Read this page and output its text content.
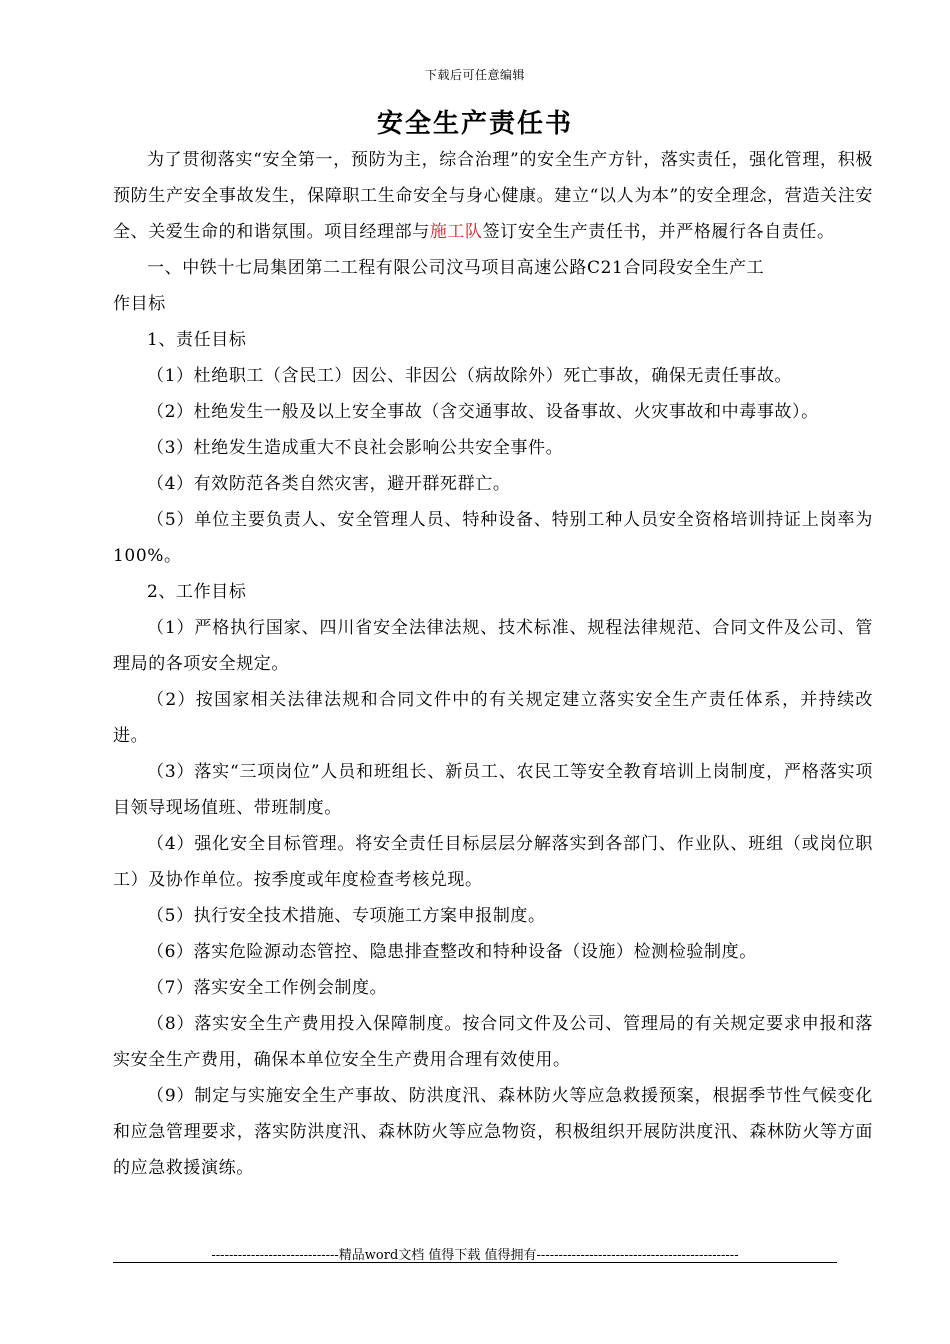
下载后可任意编辑
安全生产责任书

为了贯彻落实“安全第一，预防为主，综合治理”的安全生产方针，落实责任，强化管理，积极预防生产安全事故发生，保障职工生命安全与身心健康。建立“以人为本”的安全理念，营造关注安全、关爱生命的和谐氛围。项目经理部与施工队签订安全生产责任书，并严格履行各自责任。

一、中铁十七局集团第二工程有限公司汶马项目高速公路C21合同段安全生产工

作目标

1、责任目标

（1）杜绝职工（含民工）因公、非因公（病故除外）死亡事故，确保无责任事故。

（2）杜绝发生一般及以上安全事故（含交通事故、设备事故、火灾事故和中毒事故）。

（3）杜绝发生造成重大不良社会影响公共安全事件。

（4）有效防范各类自然灾害，避开群死群亡。

（5）单位主要负责人、安全管理人员、特种设备、特别工种人员安全资格培训持证上岗率为100%。

2、工作目标

（1）严格执行国家、四川省安全法律法规、技术标准、规程法律规范、合同文件及公司、管理局的各项安全规定。

（2）按国家相关法律法规和合同文件中的有关规定建立落实安全生产责任体系，并持续改进。

（3）落实“三项岗位”人员和班组长、新员工、农民工等安全教育培训上岗制度，严格落实项目领导现场值班、带班制度。

（4）强化安全目标管理。将安全责任目标层层分解落实到各部门、作业队、班组（或岗位职工）及协作单位。按季度或年度检查考核兑现。

（5）执行安全技术措施、专项施工方案申报制度。

（6）落实危险源动态管控、隐患排查整改和特种设备（设施）检测检验制度。

（7）落实安全工作例会制度。

（8）落实安全生产费用投入保障制度。按合同文件及公司、管理局的有关规定要求申报和落实安全生产费用，确保本单位安全生产费用合理有效使用。

（9）制定与实施安全生产事故、防洪度汛、森林防火等应急救援预案，根据季节性气候变化和应急管理要求，落实防洪度汛、森林防火等应急物资，积极组织开展防洪度汛、森林防火等方面的应急救援演练。

-----------------------------精品word文档 值得下载 值得拥有----------------------------------------------
